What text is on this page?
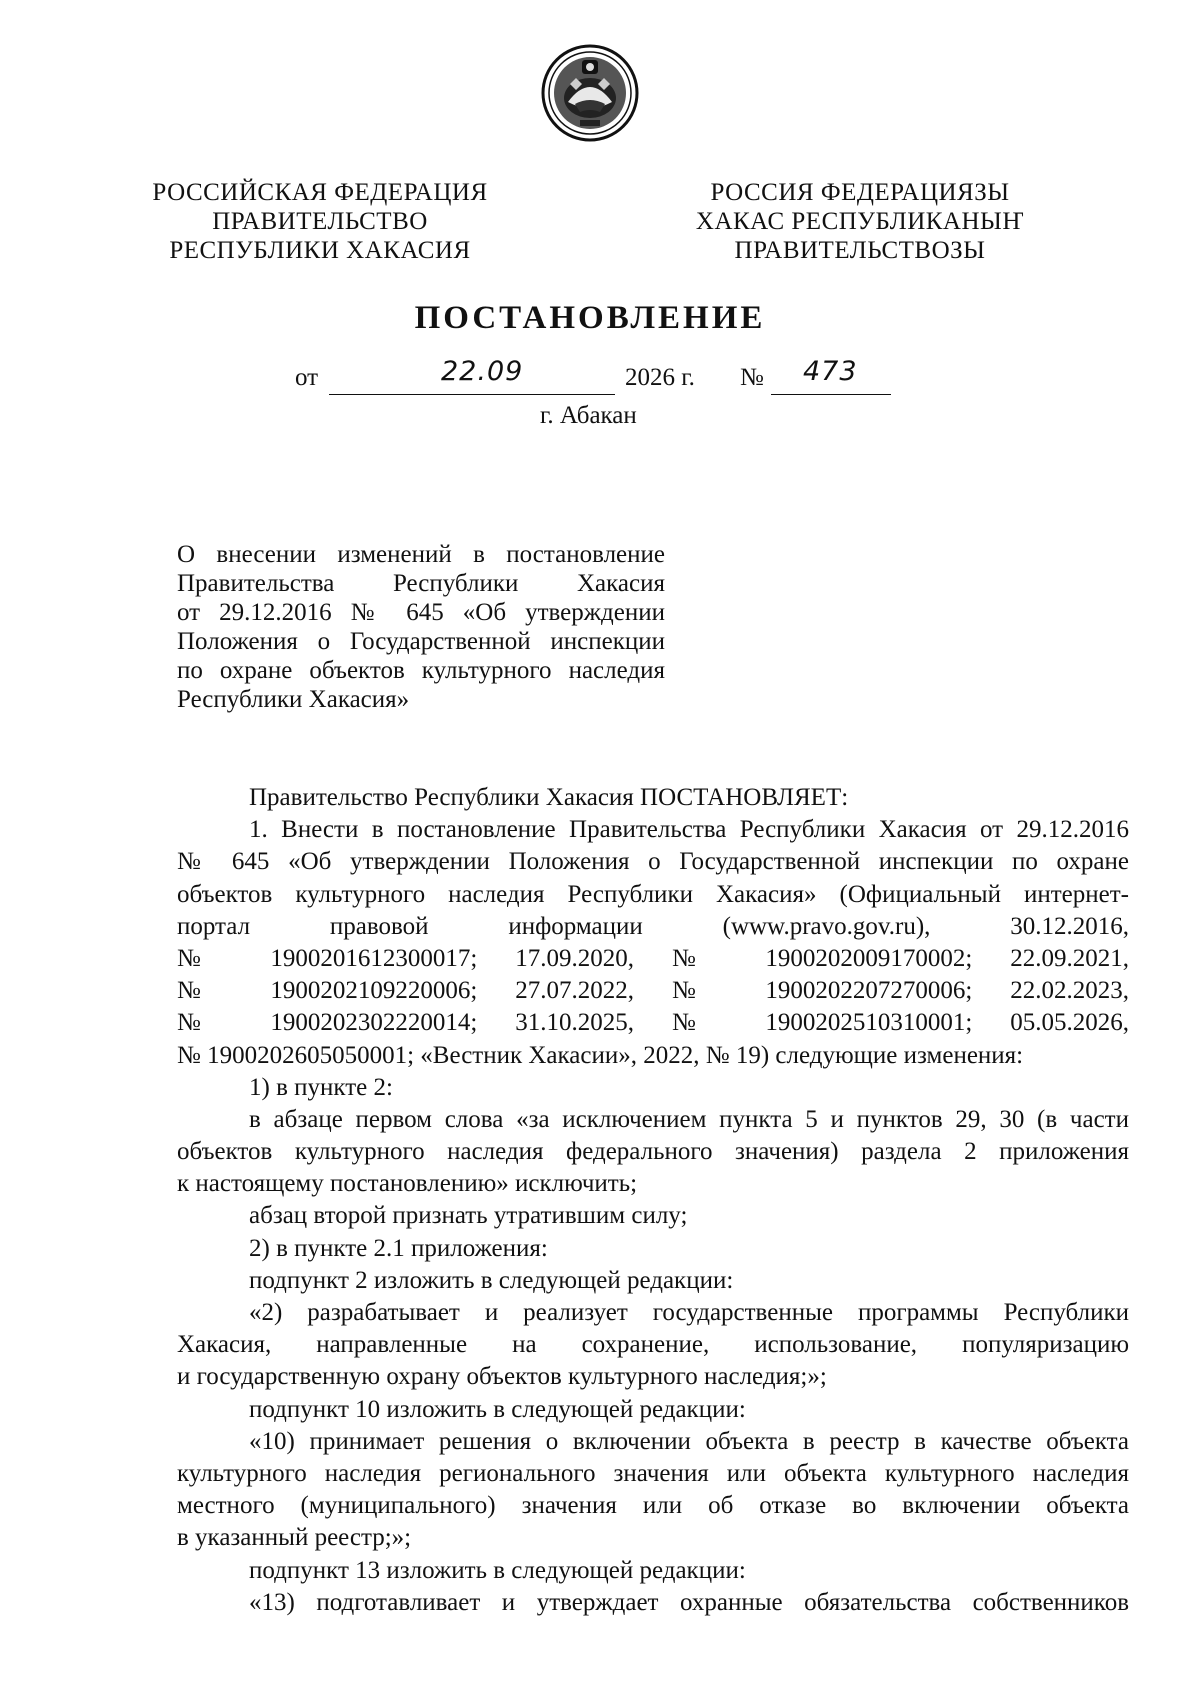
РОССИЙСКАЯ ФЕДЕРАЦИЯ
ПРАВИТЕЛЬСТВО
РЕСПУБЛИКИ ХАКАСИЯ
РОССИЯ ФЕДЕРАЦИЯЗЫ
ХАКАС РЕСПУБЛИКАНЫҤ
ПРАВИТЕЛЬСТВОЗЫ
ПОСТАНОВЛЕНИЕ
от	22.09	2026 г. № 473
г. Абакан
О внесении изменений в постановление
Правительства Республики Хакасия
от 29.12.2016 № 645 «Об утверждении
Положения о Государственной инспекции
по охране объектов культурного наследия
Республики Хакасия»
Правительство Республики Хакасия ПОСТАНОВЛЯЕТ:
1. Внести в постановление Правительства Республики Хакасия от 29.12.2016
№ 645 «Об утверждении Положения о Государственной инспекции по охране
объектов культурного наследия Республики Хакасия» (Официальный интернет-
портал правовой информации (www.pravo.gov.ru), 30.12.2016,
№ 1900201612300017; 17.09.2020, № 1900202009170002; 22.09.2021,
№ 1900202109220006; 27.07.2022, № 1900202207270006; 22.02.2023,
№ 1900202302220014; 31.10.2025, № 1900202510310001; 05.05.2026,
№ 1900202605050001; «Вестник Хакасии», 2022, № 19) следующие изменения:
1) в пункте 2:
в абзаце первом слова «за исключением пункта 5 и пунктов 29, 30 (в части
объектов культурного наследия федерального значения) раздела 2 приложения
к настоящему постановлению» исключить;
абзац второй признать утратившим силу;
2) в пункте 2.1 приложения:
подпункт 2 изложить в следующей редакции:
«2) разрабатывает и реализует государственные программы Республики
Хакасия, направленные на сохранение, использование, популяризацию
и государственную охрану объектов культурного наследия;»;
подпункт 10 изложить в следующей редакции:
«10) принимает решения о включении объекта в реестр в качестве объекта
культурного наследия регионального значения или объекта культурного наследия
местного (муниципального) значения или об отказе во включении объекта
в указанный реестр;»;
подпункт 13 изложить в следующей редакции:
«13) подготавливает и утверждает охранные обязательства собственников
